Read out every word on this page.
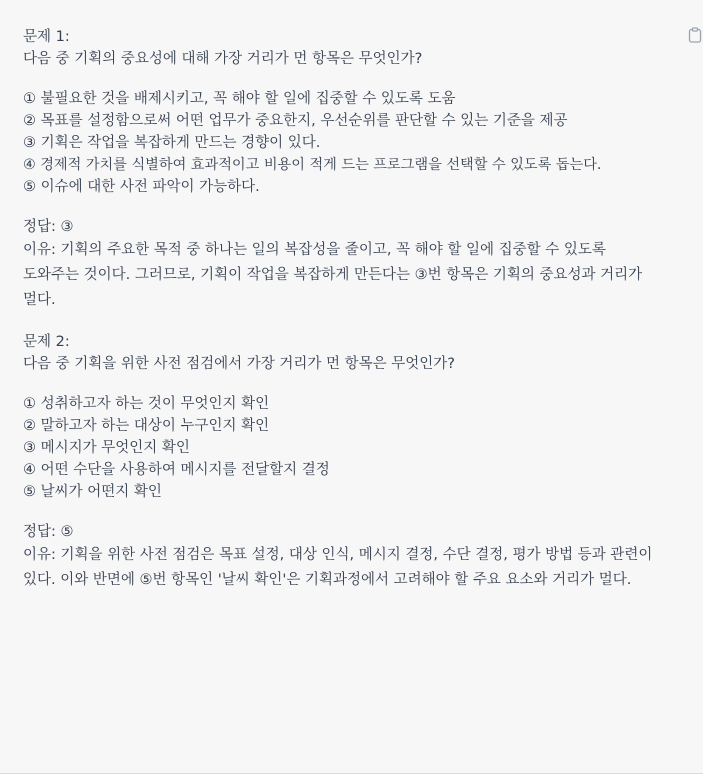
문제 1:
다음 중 기획의 중요성에 대해 가장 거리가 먼 항목은 무엇인가?
① 불필요한 것을 배제시키고, 꼭 해야 할 일에 집중할 수 있도록 도움
② 목표를 설정함으로써 어떤 업무가 중요한지, 우선순위를 판단할 수 있는 기준을 제공
③ 기획은 작업을 복잡하게 만드는 경향이 있다.
④ 경제적 가치를 식별하여 효과적이고 비용이 적게 드는 프로그램을 선택할 수 있도록 돕는다.
⑤ 이슈에 대한 사전 파악이 가능하다.
정답: ③
이유: 기획의 주요한 목적 중 하나는 일의 복잡성을 줄이고, 꼭 해야 할 일에 집중할 수 있도록 도와주는 것이다. 그러므로, 기획이 작업을 복잡하게 만든다는 ③번 항목은 기획의 중요성과 거리가 멀다.
문제 2:
다음 중 기획을 위한 사전 점검에서 가장 거리가 먼 항목은 무엇인가?
① 성취하고자 하는 것이 무엇인지 확인
② 말하고자 하는 대상이 누구인지 확인
③ 메시지가 무엇인지 확인
④ 어떤 수단을 사용하여 메시지를 전달할지 결정
⑤ 날씨가 어떤지 확인
정답: ⑤
이유: 기획을 위한 사전 점검은 목표 설정, 대상 인식, 메시지 결정, 수단 결정, 평가 방법 등과 관련이 있다. 이와 반면에 ⑤번 항목인 '날씨 확인'은 기획과정에서 고려해야 할 주요 요소와 거리가 멀다.
